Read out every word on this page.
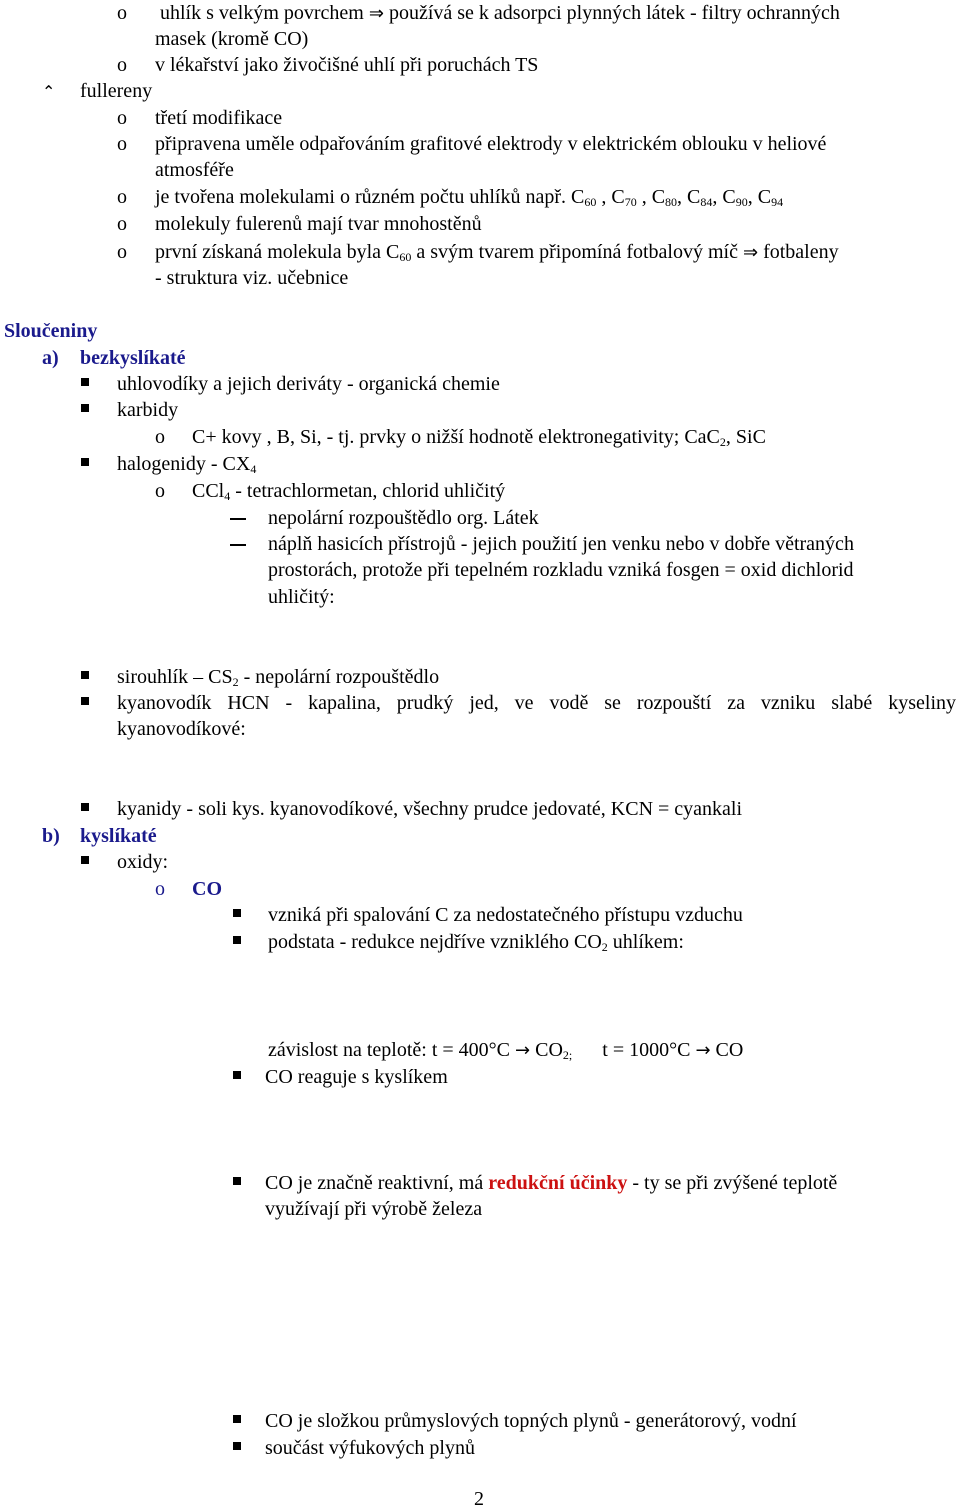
o uhlík s velkým povrchem ⇒ používá se k adsorpci plynných látek - filtry ochranných
masek (kromě CO)
o v lékařství jako živočišné uhlí při poruchách TS
⌃ fullereny
o třetí modifikace
o připravena uměle odpařováním grafitové elektrody v elektrickém oblouku v heliové
atmosféře
o je tvořena molekulami o různém počtu uhlíků např. $C_{60}$ , $C_{70}$ , $C_{80}$, $C_{84}$, $C_{90}$, $C_{94}$
o molekuly fulerenů mají tvar mnohostěnů
o první získaná molekula byla $C_{60}$ a svým tvarem připomíná fotbalový míč ⇒ fotbaleny
- struktura viz. učebnice
Sloučeniny
a) bezkyslíkaté
uhlovodíky a jejich deriváty - organická chemie
karbidy
o C+ kovy , B, Si, - tj. prvky o nižší hodnotě elektronegativity; CaC$_2$, SiC
halogenidy - $CX_4$
o CCl$_4$ - tetrachlormetan, chlorid uhličitý
nepolární rozpouštědlo org. Látek
náplň hasicích přístrojů - jejich použití jen venku nebo v dobře větraných
prostorách, protože při tepelném rozkladu vzniká fosgen = oxid dichlorid
uhličitý:
sirouhlík – $CS_2$ - nepolární rozpouštědlo
kyanovodík HCN - kapalina, prudký jed, ve vodě se rozpouští za vzniku slabé kyseliny
kyanovodíkové:
kyanidy - soli kys. kyanovodíkové, všechny prudce jedovaté, KCN = cyankali
b) kyslíkaté
oxidy:
o CO
vzniká při spalování C za nedostatečného přístupu vzduchu
podstata - redukce nejdříve vzniklého $CO_2$ uhlíkem:
závislost na teplotě: $t = 400^\circ C \to CO_{2;}$ t = 1000°C → CO
CO reaguje s kyslíkem
CO je značně reaktivní, má redukční účinky - ty se při zvýšené teplotě
využívají při výrobě železa
CO je složkou průmyslových topných plynů - generátorový, vodní
součást výfukových plynů
2
